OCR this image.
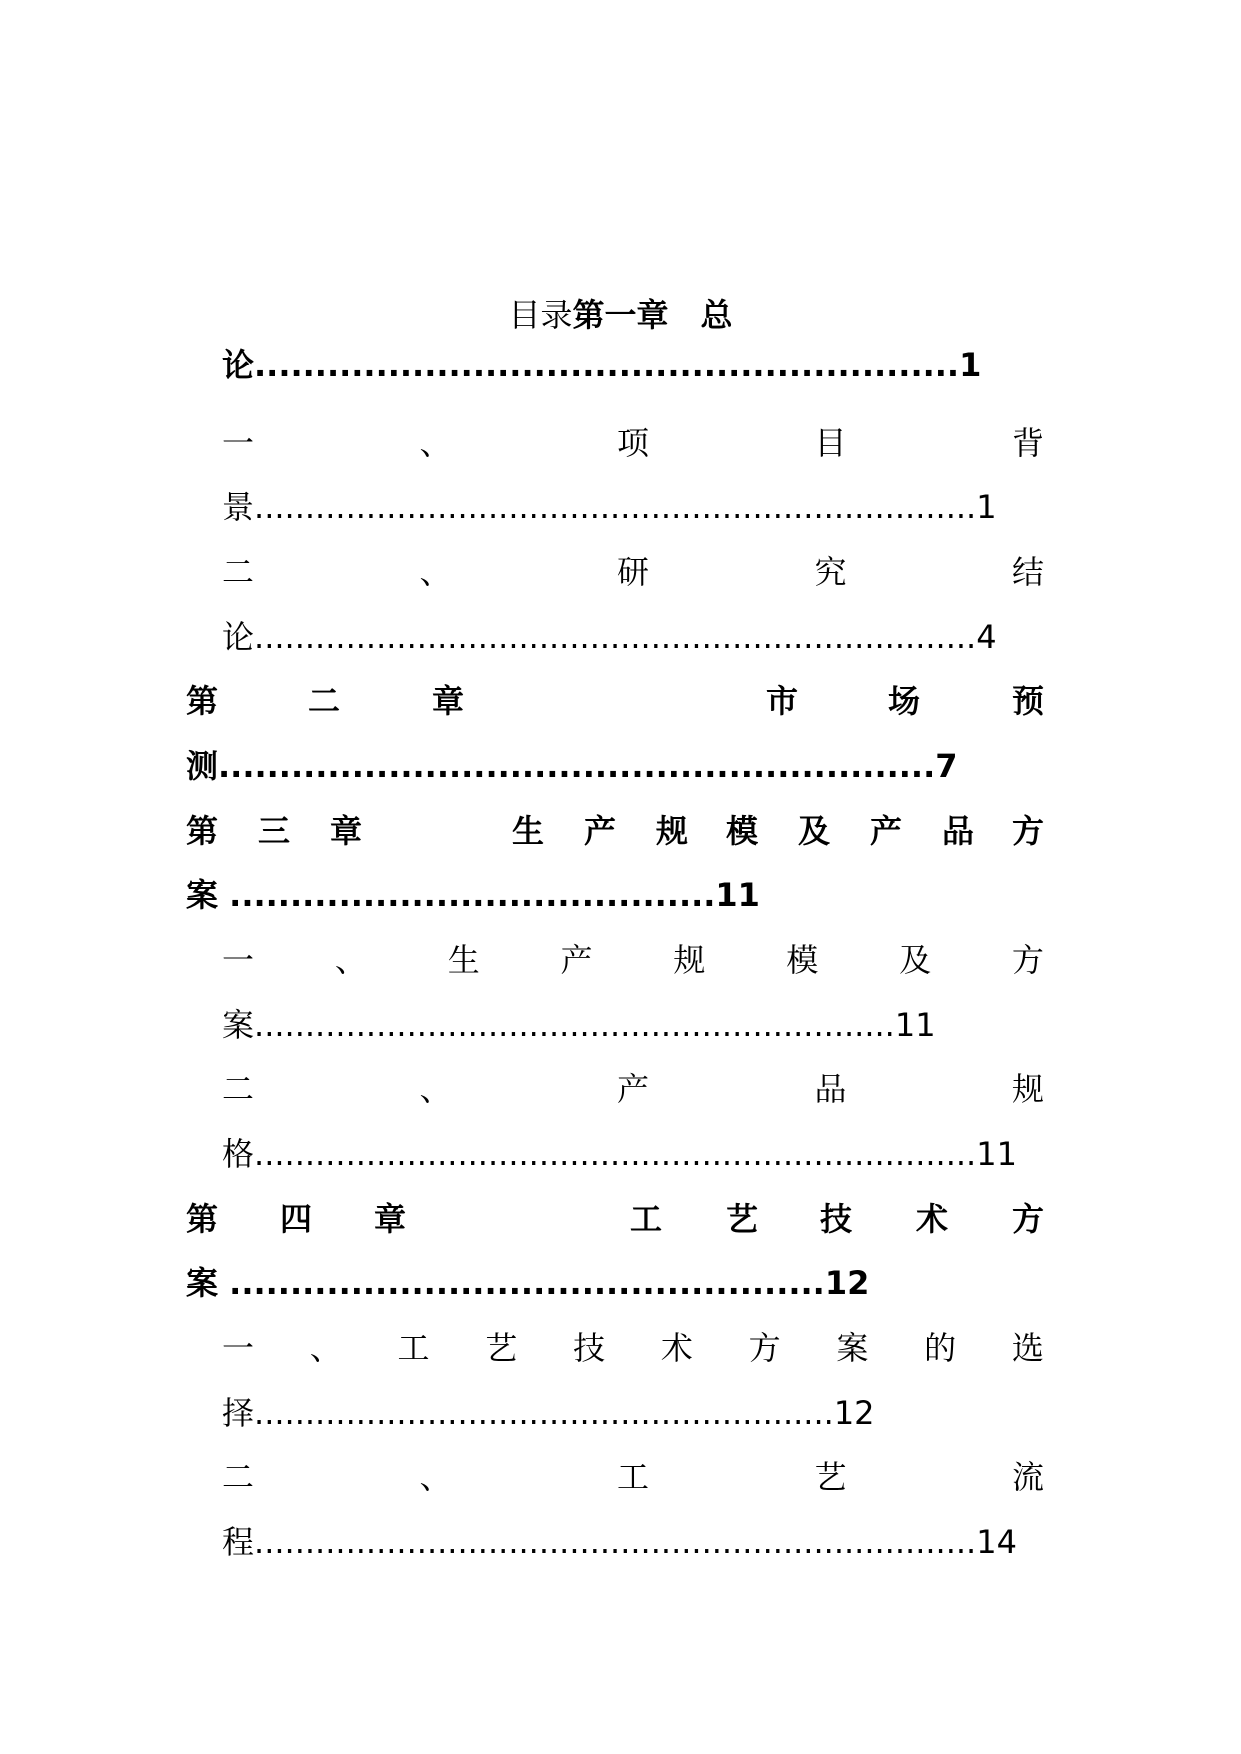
目录第一章　总
论..........................................................1
一	、	项	目	背
景.......................................................................1
二	、	研	究	结
论.......................................................................4
第	二	章	市	场	预
测...........................................................7
第 三 章	生 产 规 模 及 产 品 方
案 ........................................11
一	、	生	产	规	模	及	方
案...............................................................11
二	、	产	品	规
格.......................................................................11
第 四 章	工 艺 技 术 方
案 .................................................12
一 、 工 艺 技 术 方 案 的 选
择.........................................................12
二	、	工	艺	流
程.......................................................................14
